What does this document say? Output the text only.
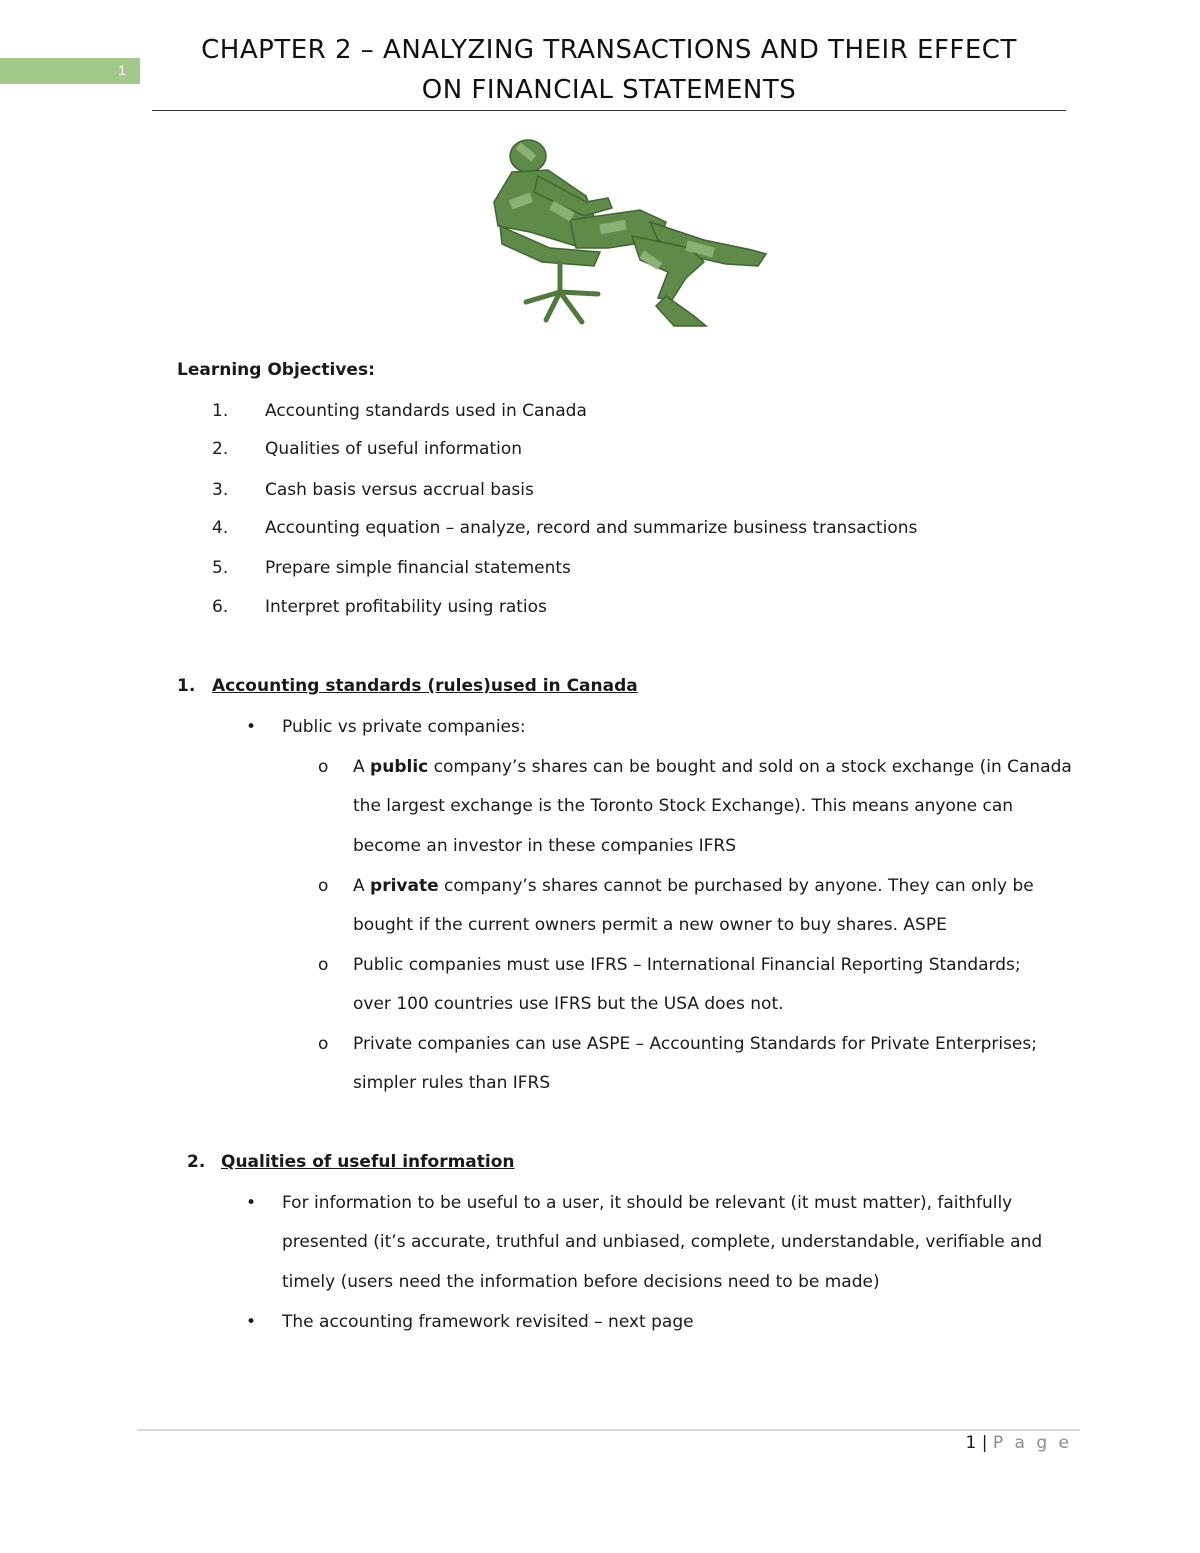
1
CHAPTER 2 – ANALYZING TRANSACTIONS AND THEIR EFFECT
ON FINANCIAL STATEMENTS
Learning Objectives:
1. Accounting standards used in Canada
2. Qualities of useful information
3. Cash basis versus accrual basis
4. Accounting equation – analyze, record and summarize business transactions
5. Prepare simple financial statements
6. Interpret profitability using ratios
1. Accounting standards (rules)used in Canada
• Public vs private companies:
o A public company’s shares can be bought and sold on a stock exchange (in Canada
the largest exchange is the Toronto Stock Exchange). This means anyone can
become an investor in these companies IFRS
o A private company’s shares cannot be purchased by anyone. They can only be
bought if the current owners permit a new owner to buy shares. ASPE
o Public companies must use IFRS – International Financial Reporting Standards;
over 100 countries use IFRS but the USA does not.
o Private companies can use ASPE – Accounting Standards for Private Enterprises;
simpler rules than IFRS
2. Qualities of useful information
• For information to be useful to a user, it should be relevant (it must matter), faithfully
presented (it’s accurate, truthful and unbiased, complete, understandable, verifiable and
timely (users need the information before decisions need to be made)
• The accounting framework revisited – next page
1 | P a g e
